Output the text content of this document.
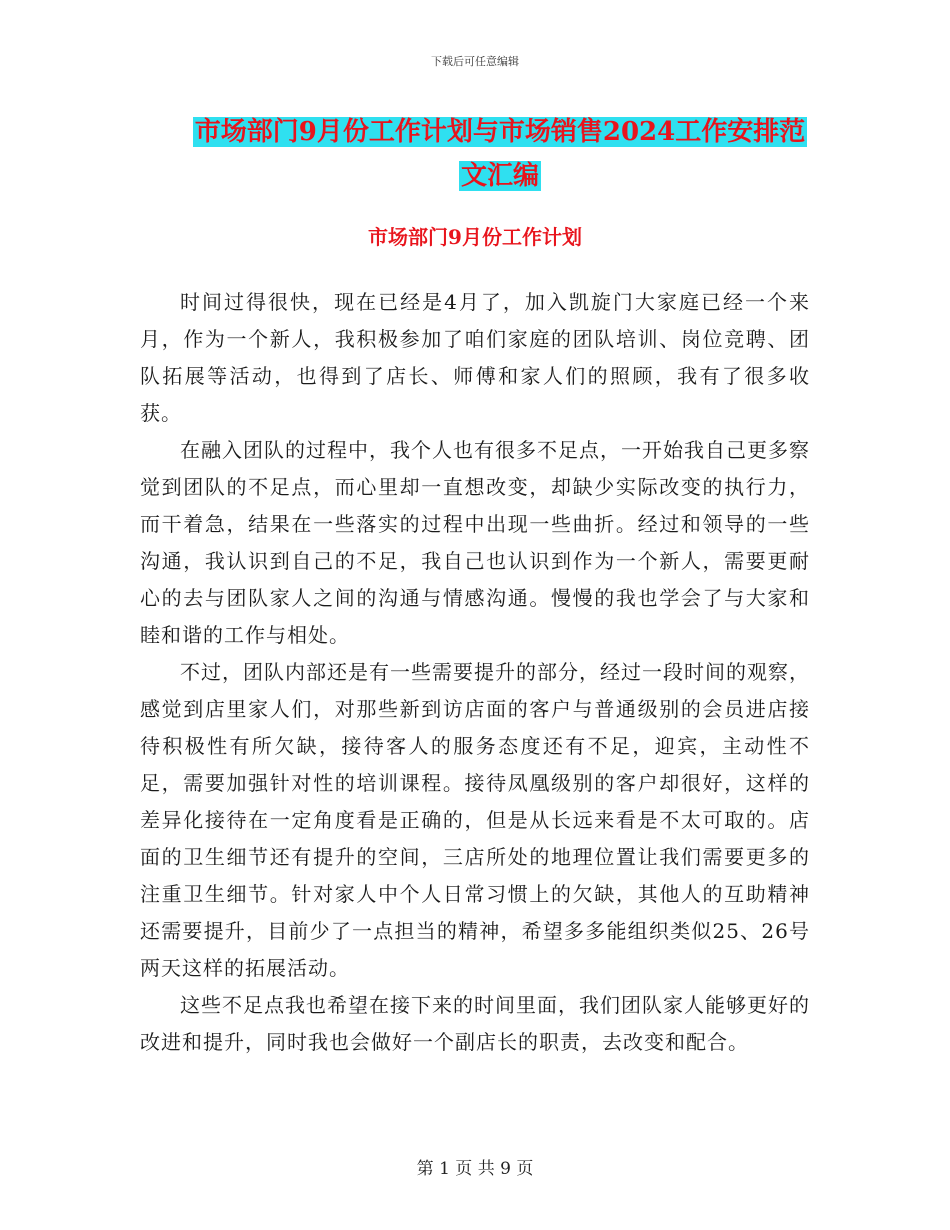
下载后可任意编辑
市场部门9月份工作计划与市场销售2024工作安排范
文汇编
市场部门9月份工作计划

时间过得很快，现在已经是4月了，加入凯旋门大家庭已经一个来月，作为一个新人，我积极参加了咱们家庭的团队培训、岗位竞聘、团队拓展等活动，也得到了店长、师傅和家人们的照顾，我有了很多收获。

在融入团队的过程中，我个人也有很多不足点，一开始我自己更多察觉到团队的不足点，而心里却一直想改变，却缺少实际改变的执行力，而干着急，结果在一些落实的过程中出现一些曲折。经过和领导的一些沟通，我认识到自己的不足，我自己也认识到作为一个新人，需要更耐心的去与团队家人之间的沟通与情感沟通。慢慢的我也学会了与大家和睦和谐的工作与相处。

不过，团队内部还是有一些需要提升的部分，经过一段时间的观察，感觉到店里家人们，对那些新到访店面的客户与普通级别的会员进店接待积极性有所欠缺，接待客人的服务态度还有不足，迎宾，主动性不足，需要加强针对性的培训课程。接待凤凰级别的客户却很好，这样的差异化接待在一定角度看是正确的，但是从长远来看是不太可取的。店面的卫生细节还有提升的空间，三店所处的地理位置让我们需要更多的注重卫生细节。针对家人中个人日常习惯上的欠缺，其他人的互助精神还需要提升，目前少了一点担当的精神，希望多多能组织类似25、26号两天这样的拓展活动。

这些不足点我也希望在接下来的时间里面，我们团队家人能够更好的改进和提升，同时我也会做好一个副店长的职责，去改变和配合。

第 1 页 共 9 页
